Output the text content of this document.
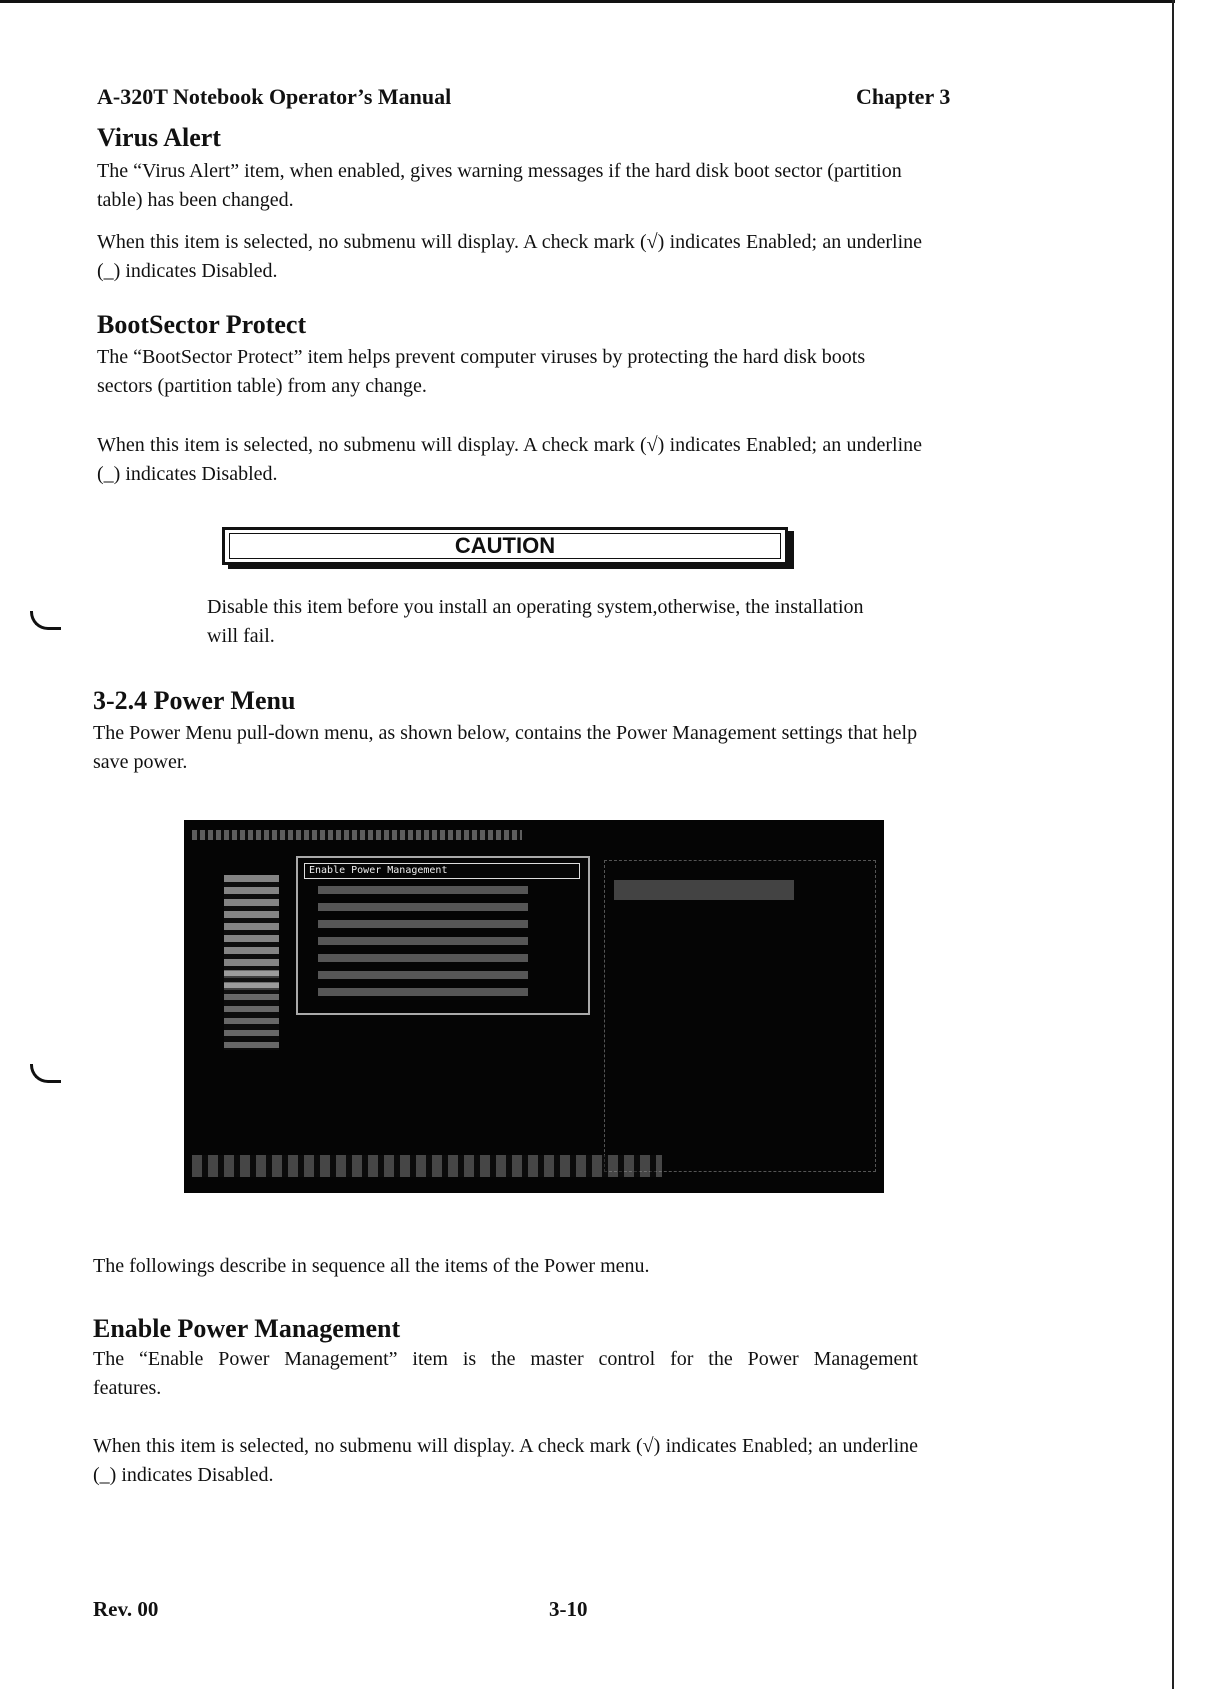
A-320T Notebook Operator’s Manual	Chapter 3
Virus Alert

The “Virus Alert” item, when enabled, gives warning messages if the hard disk boot sector (partition table) has been changed.

When this item is selected, no submenu will display. A check mark (√) indicates Enabled; an underline (_) indicates Disabled.

BootSector Protect

The “BootSector Protect” item helps prevent computer viruses by protecting the hard disk boots sectors (partition table) from any change.

When this item is selected, no submenu will display. A check mark (√) indicates Enabled; an underline (_) indicates Disabled.

CAUTION

Disable this item before you install an operating system,otherwise, the installation will fail.

3-2.4 Power Menu

The Power Menu pull-down menu, as shown below, contains the Power Management settings that help save power.

Enable Power Management

The followings describe in sequence all the items of the Power menu.

Enable Power Management

The “Enable Power Management” item is the master control for the Power Management features.

When this item is selected, no submenu will display. A check mark (√) indicates Enabled; an underline (_) indicates Disabled.

Rev. 00	3-10
